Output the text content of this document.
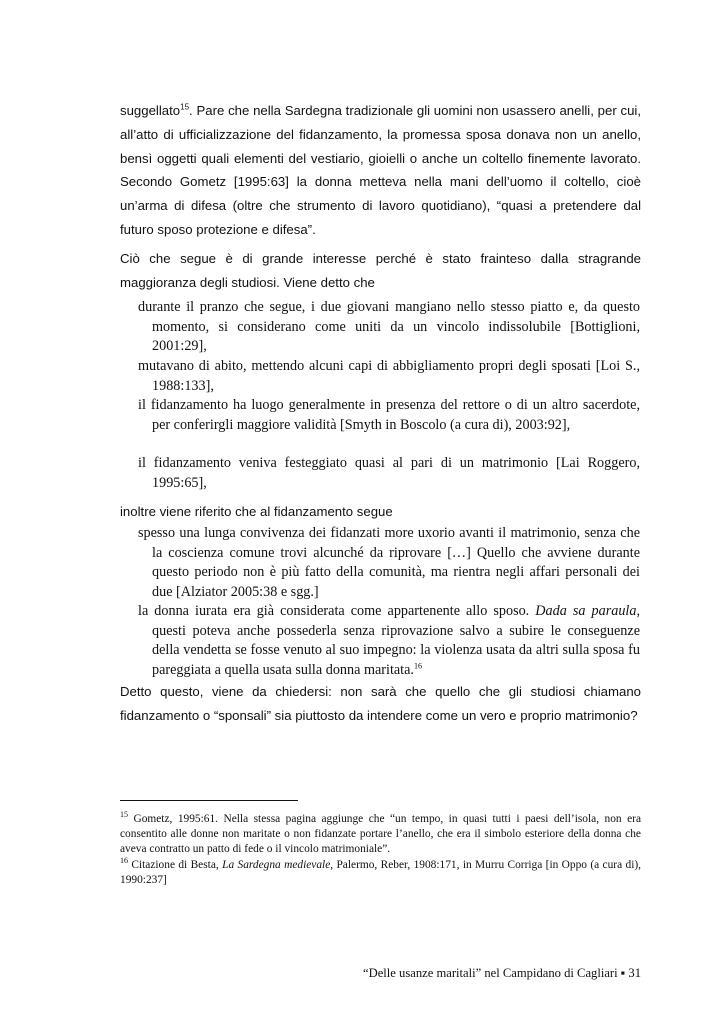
suggellato$^{15}$. Pare che nella Sardegna tradizionale gli uomini non usassero anelli, per cui, all’atto di ufficializzazione del fidanzamento, la promessa sposa donava non un anello, bensì oggetti quali elementi del vestiario, gioielli o anche un coltello finemente lavorato. Secondo Gometz [1995:63] la donna metteva nella mani dell’uomo il coltello, cioè un’arma di difesa (oltre che strumento di lavoro quotidiano), “quasi a pretendere dal futuro sposo protezione e difesa”.

Ciò che segue è di grande interesse perché è stato frainteso dalla stragrande maggioranza degli studiosi. Viene detto che

durante il pranzo che segue, i due giovani mangiano nello stesso piatto e, da questo momento, si considerano come uniti da un vincolo indissolubile [Bottiglioni, 2001:29],

mutavano di abito, mettendo alcuni capi di abbigliamento propri degli sposati [Loi S., 1988:133],

il fidanzamento ha luogo generalmente in presenza del rettore o di un altro sacerdote, per conferirgli maggiore validità [Smyth in Boscolo (a cura di), 2003:92],

il fidanzamento veniva festeggiato quasi al pari di un matrimonio [Lai Roggero, 1995:65],

inoltre viene riferito che al fidanzamento segue

spesso una lunga convivenza dei fidanzati more uxorio avanti il matrimonio, senza che la coscienza comune trovi alcunché da riprovare […] Quello che avviene durante questo periodo non è più fatto della comunità, ma rientra negli affari personali dei due [Alziator 2005:38 e sgg.]

la donna iurata era già considerata come appartenente allo sposo. Dada sa paraula, questi poteva anche possederla senza riprovazione salvo a subire le conseguenze della vendetta se fosse venuto al suo impegno: la violenza usata da altri sulla sposa fu pareggiata a quella usata sulla donna maritata.$^{16}$

Detto questo, viene da chiedersi: non sarà che quello che gli studiosi chiamano fidanzamento o “sponsali” sia piuttosto da intendere come un vero e proprio matrimonio?

$^{15}$ Gometz, 1995:61. Nella stessa pagina aggiunge che “un tempo, in quasi tutti i paesi dell’isola, non era consentito alle donne non maritate o non fidanzate portare l’anello, che era il simbolo esteriore della donna che aveva contratto un patto di fede o il vincolo matrimoniale”.

$^{16}$ Citazione di Besta, La Sardegna medievale, Palermo, Reber, 1908:171, in Murru Corriga [in Oppo (a cura di), 1990:237]

“Delle usanze maritali” nel Campidano di Cagliari ▪ 31
